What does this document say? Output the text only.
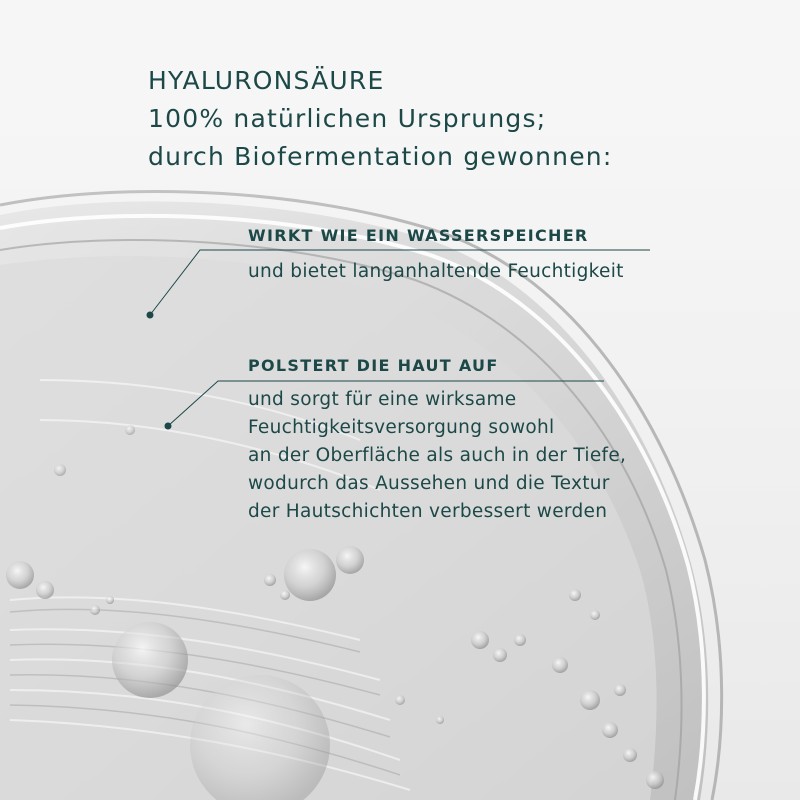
HYALURONSÄURE
100% natürlichen Ursprungs;
durch Biofermentation gewonnen:
WIRKT WIE EIN WASSERSPEICHER

und bietet langanhaltende Feuchtigkeit

POLSTERT DIE HAUT AUF

und sorgt für eine wirksame
Feuchtigkeitsversorgung sowohl
an der Oberfläche als auch in der Tiefe,
wodurch das Aussehen und die Textur
der Hautschichten verbessert werden
